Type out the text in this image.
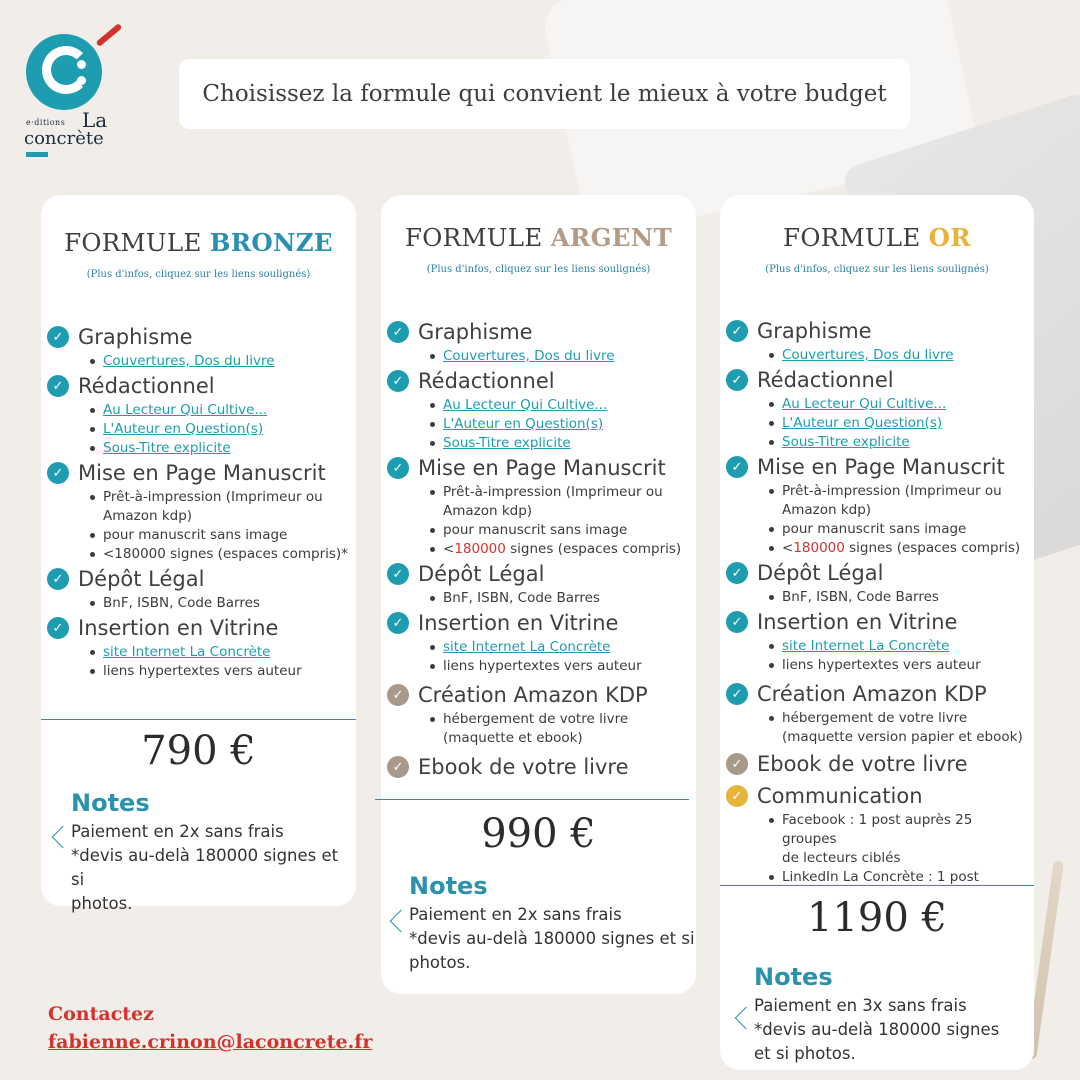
e·ditions La
concrète
Choisissez la formule qui convient le mieux à votre budget
FORMULE BRONZE
(Plus d'infos, cliquez sur les liens soulignés)
✓ Graphisme
Couvertures, Dos du livre
✓ Rédactionnel
Au Lecteur Qui Cultive...
L'Auteur en Question(s)
Sous-Titre explicite
✓ Mise en Page Manuscrit
Prêt-à-impression (Imprimeur ou
Amazon kdp)
pour manuscrit sans image
<180000 signes (espaces compris)*
✓ Dépôt Légal
BnF, ISBN, Code Barres
✓ Insertion en Vitrine
site Internet La Concrète
liens hypertextes vers auteur
790 €
Notes
Paiement en 2x sans frais
*devis au-delà 180000 signes et si
photos.
FORMULE ARGENT
(Plus d'infos, cliquez sur les liens soulignés)
✓ Graphisme
Couvertures, Dos du livre
✓ Rédactionnel
Au Lecteur Qui Cultive...
L'Auteur en Question(s)
Sous-Titre explicite
✓ Mise en Page Manuscrit
Prêt-à-impression (Imprimeur ou
Amazon kdp)
pour manuscrit sans image
<180000 signes (espaces compris)
✓ Dépôt Légal
BnF, ISBN, Code Barres
✓ Insertion en Vitrine
site Internet La Concrète
liens hypertextes vers auteur
✓ Création Amazon KDP
hébergement de votre livre
(maquette et ebook)
✓ Ebook de votre livre
990 €
Notes
Paiement en 2x sans frais
*devis au-delà 180000 signes et si
photos.
FORMULE OR
(Plus d'infos, cliquez sur les liens soulignés)
✓ Graphisme
Couvertures, Dos du livre
✓ Rédactionnel
Au Lecteur Qui Cultive...
L'Auteur en Question(s)
Sous-Titre explicite
✓ Mise en Page Manuscrit
Prêt-à-impression (Imprimeur ou
Amazon kdp)
pour manuscrit sans image
<180000 signes (espaces compris)
✓ Dépôt Légal
BnF, ISBN, Code Barres
✓ Insertion en Vitrine
site Internet La Concrète
liens hypertextes vers auteur
✓ Création Amazon KDP
hébergement de votre livre
(maquette version papier et ebook)
✓ Ebook de votre livre
✓ Communication
Facebook : 1 post auprès 25 groupes
de lecteurs ciblés
LinkedIn La Concrète : 1 post
1190 €
Notes
Paiement en 3x sans frais
*devis au-delà 180000 signes
et si photos.
Contactez
fabienne.crinon@laconcrete.fr
